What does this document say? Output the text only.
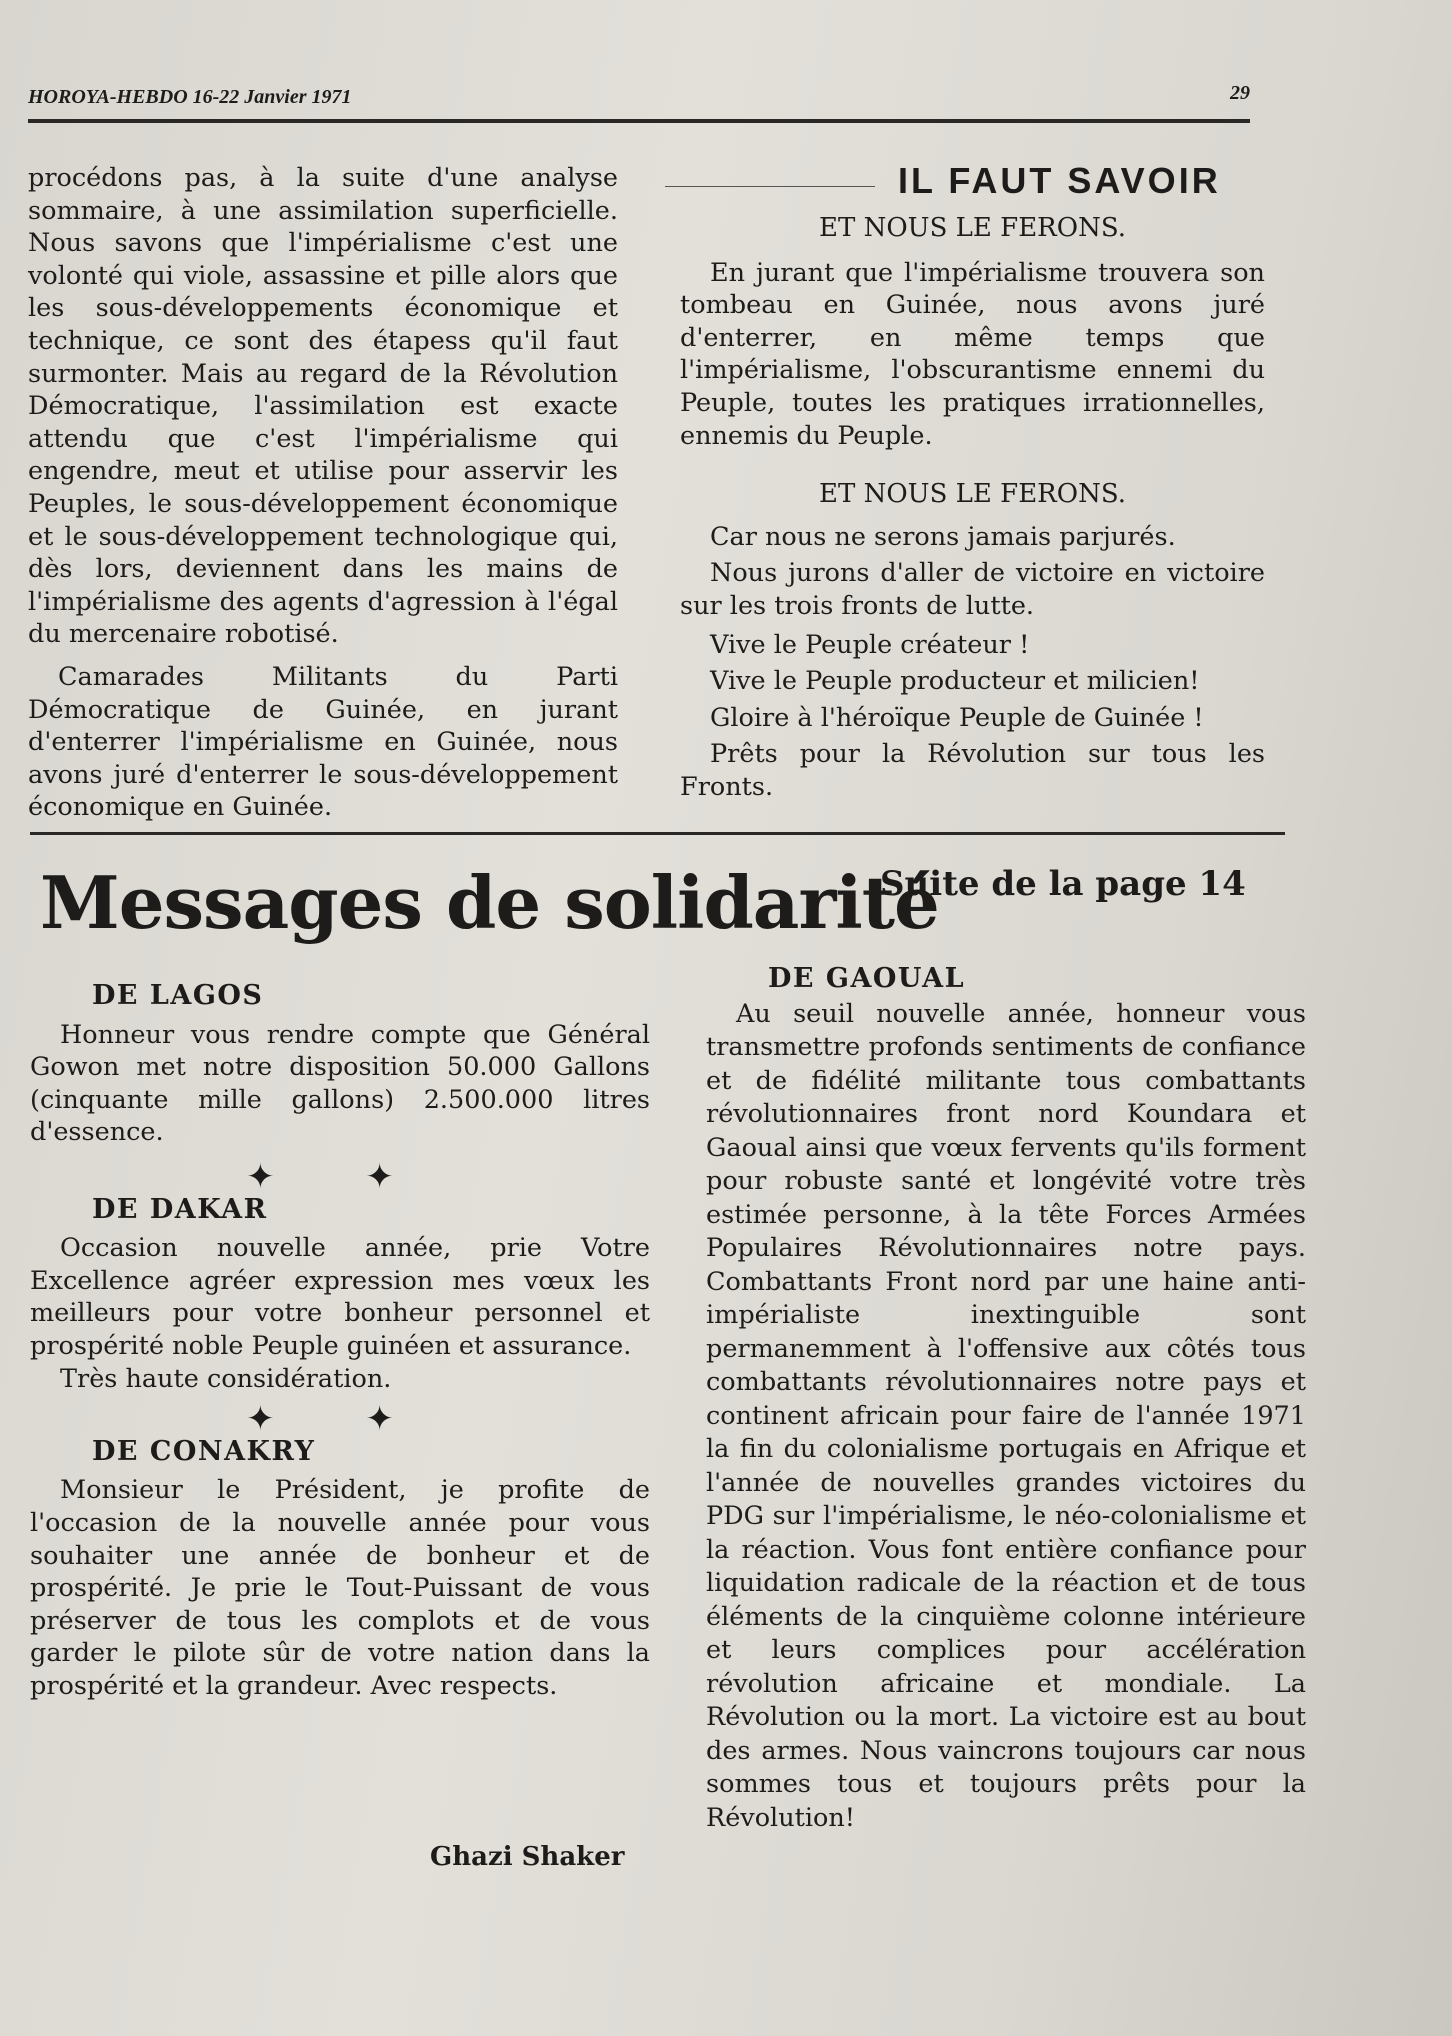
HOROYA-HEBDO 16-22 Janvier 1971	29

procédons pas, à la suite d'une analyse sommaire, à une assimilation superficielle. Nous savons que l'impérialisme c'est une volonté qui viole, assassine et pille alors que les sous-développements économique et technique, ce sont des étapess qu'il faut surmonter. Mais au regard de la Révolution Démocratique, l'assimilation est exacte attendu que c'est l'impérialisme qui engendre, meut et utilise pour asservir les Peuples, le sous-développement économique et le sous-développement technologique qui, dès lors, deviennent dans les mains de l'impérialisme des agents d'agression à l'égal du mercenaire robotisé.

Camarades Militants du Parti Démocratique de Guinée, en jurant d'enterrer l'impérialisme en Guinée, nous avons juré d'enterrer le sous-développement économique en Guinée.

IL FAUT SAVOIR

ET NOUS LE FERONS.

En jurant que l'impérialisme trouvera son tombeau en Guinée, nous avons juré d'enterrer, en même temps que l'impérialisme, l'obscurantisme ennemi du Peuple, toutes les pratiques irrationnelles, ennemis du Peuple.

ET NOUS LE FERONS.

Car nous ne serons jamais parjurés.

Nous jurons d'aller de victoire en victoire sur les trois fronts de lutte.

Vive le Peuple créateur !

Vive le Peuple producteur et milicien!

Gloire à l'héroïque Peuple de Guinée !

Prêts pour la Révolution sur tous les Fronts.

Messages de solidarité
Suite de la page 14

DE LAGOS

Honneur vous rendre compte que Général Gowon met notre disposition 50.000 Gallons (cinquante mille gallons) 2.500.000 litres d'essence.

✦ ✦

DE DAKAR

Occasion nouvelle année, prie Votre Excellence agréer expression mes vœux les meilleurs pour votre bonheur personnel et prospérité noble Peuple guinéen et assurance.

Très haute considération.

✦ ✦

DE CONAKRY

Monsieur le Président, je profite de l'occasion de la nouvelle année pour vous souhaiter une année de bonheur et de prospérité. Je prie le Tout-Puissant de vous préserver de tous les complots et de vous garder le pilote sûr de votre nation dans la prospérité et la grandeur. Avec respects.

Ghazi Shaker

DE GAOUAL

Au seuil nouvelle année, honneur vous transmettre profonds sentiments de confiance et de fidélité militante tous combattants révolutionnaires front nord Koundara et Gaoual ainsi que vœux fervents qu'ils forment pour robuste santé et longévité votre très estimée personne, à la tête Forces Armées Populaires Révolutionnaires notre pays. Combattants Front nord par une haine anti-impérialiste inextinguible sont permanemment à l'offensive aux côtés tous combattants révolutionnaires notre pays et continent africain pour faire de l'année 1971 la fin du colonialisme portugais en Afrique et l'année de nouvelles grandes victoires du PDG sur l'impérialisme, le néo-colonialisme et la réaction. Vous font entière confiance pour liquidation radicale de la réaction et de tous éléments de la cinquième colonne intérieure et leurs complices pour accélération révolution africaine et mondiale. La Révolution ou la mort. La victoire est au bout des armes. Nous vaincrons toujours car nous sommes tous et toujours prêts pour la Révolution!
